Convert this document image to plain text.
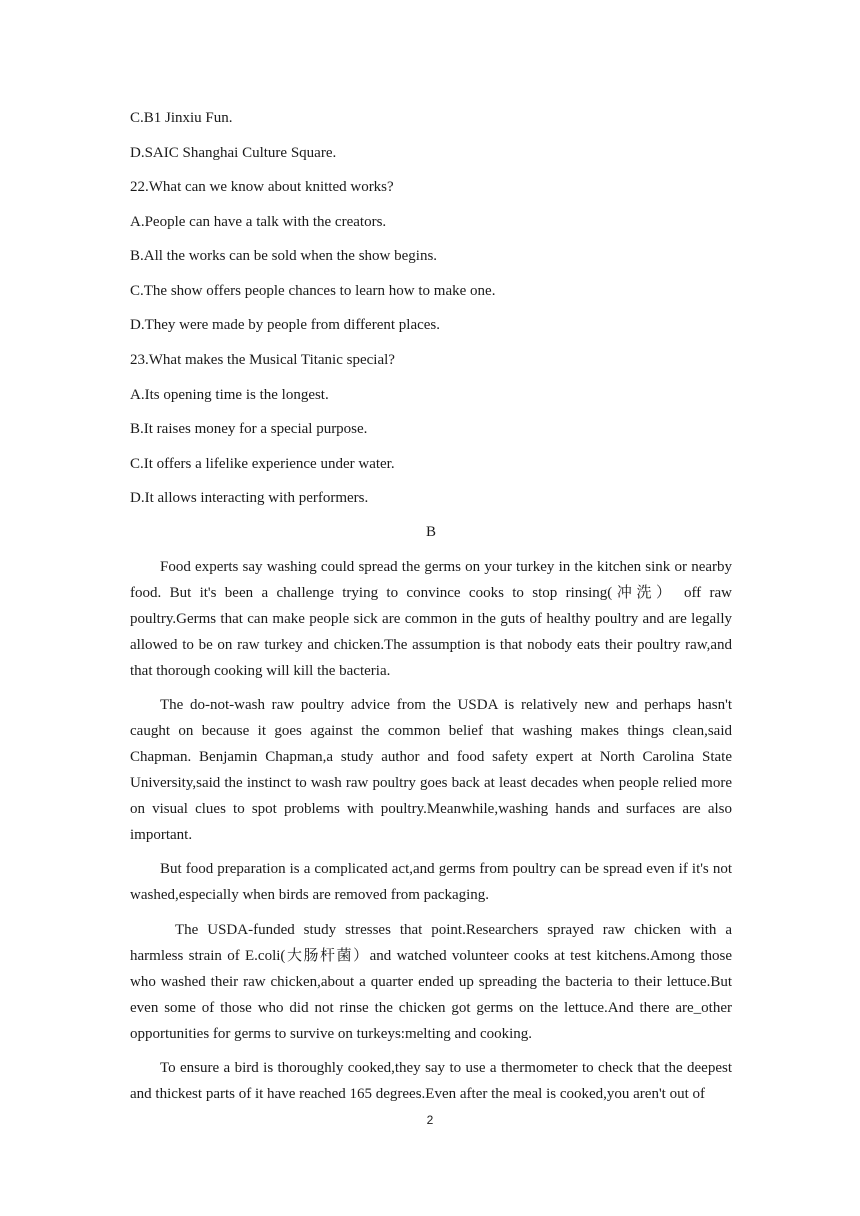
C.B1 Jinxiu Fun.
D.SAIC Shanghai Culture Square.
22.What can we know about knitted works?
A.People can have a talk with the creators.
B.All the works can be sold when the show begins.
C.The show offers people chances to learn how to make one.
D.They were made by people from different places.
23.What makes the Musical Titanic special?
A.Its opening time is the longest.
B.It raises money for a special purpose.
C.It offers a lifelike experience under water.
D.It allows interacting with performers.
B

Food experts say washing could spread the germs on your turkey in the kitchen sink or nearby food. But it's been a challenge trying to convince cooks to stop rinsing(冲洗） off raw poultry.Germs that can make people sick are common in the guts of healthy poultry and are legally allowed to be on raw turkey and chicken.The assumption is that nobody eats their poultry raw,and that thorough cooking will kill the bacteria.

The do-not-wash raw poultry advice from the USDA is relatively new and perhaps hasn't caught on because it goes against the common belief that washing makes things clean,said Chapman. Benjamin Chapman,a study author and food safety expert at North Carolina State University,said the instinct to wash raw poultry goes back at least decades when people relied more on visual clues to spot problems with poultry.Meanwhile,washing hands and surfaces are also important.

But food preparation is a complicated act,and germs from poultry can be spread even if it's not washed,especially when birds are removed from packaging.

The USDA-funded study stresses that point.Researchers sprayed raw chicken with a harmless strain of E.coli(大肠杆菌）and watched volunteer cooks at test kitchens.Among those who washed their raw chicken,about a quarter ended up spreading the bacteria to their lettuce.But even some of those who did not rinse the chicken got germs on the lettuce.And there are_other opportunities for germs to survive on turkeys:melting and cooking.

To ensure a bird is thoroughly cooked,they say to use a thermometer to check that the deepest and thickest parts of it have reached 165 degrees.Even after the meal is cooked,you aren't out of

2
